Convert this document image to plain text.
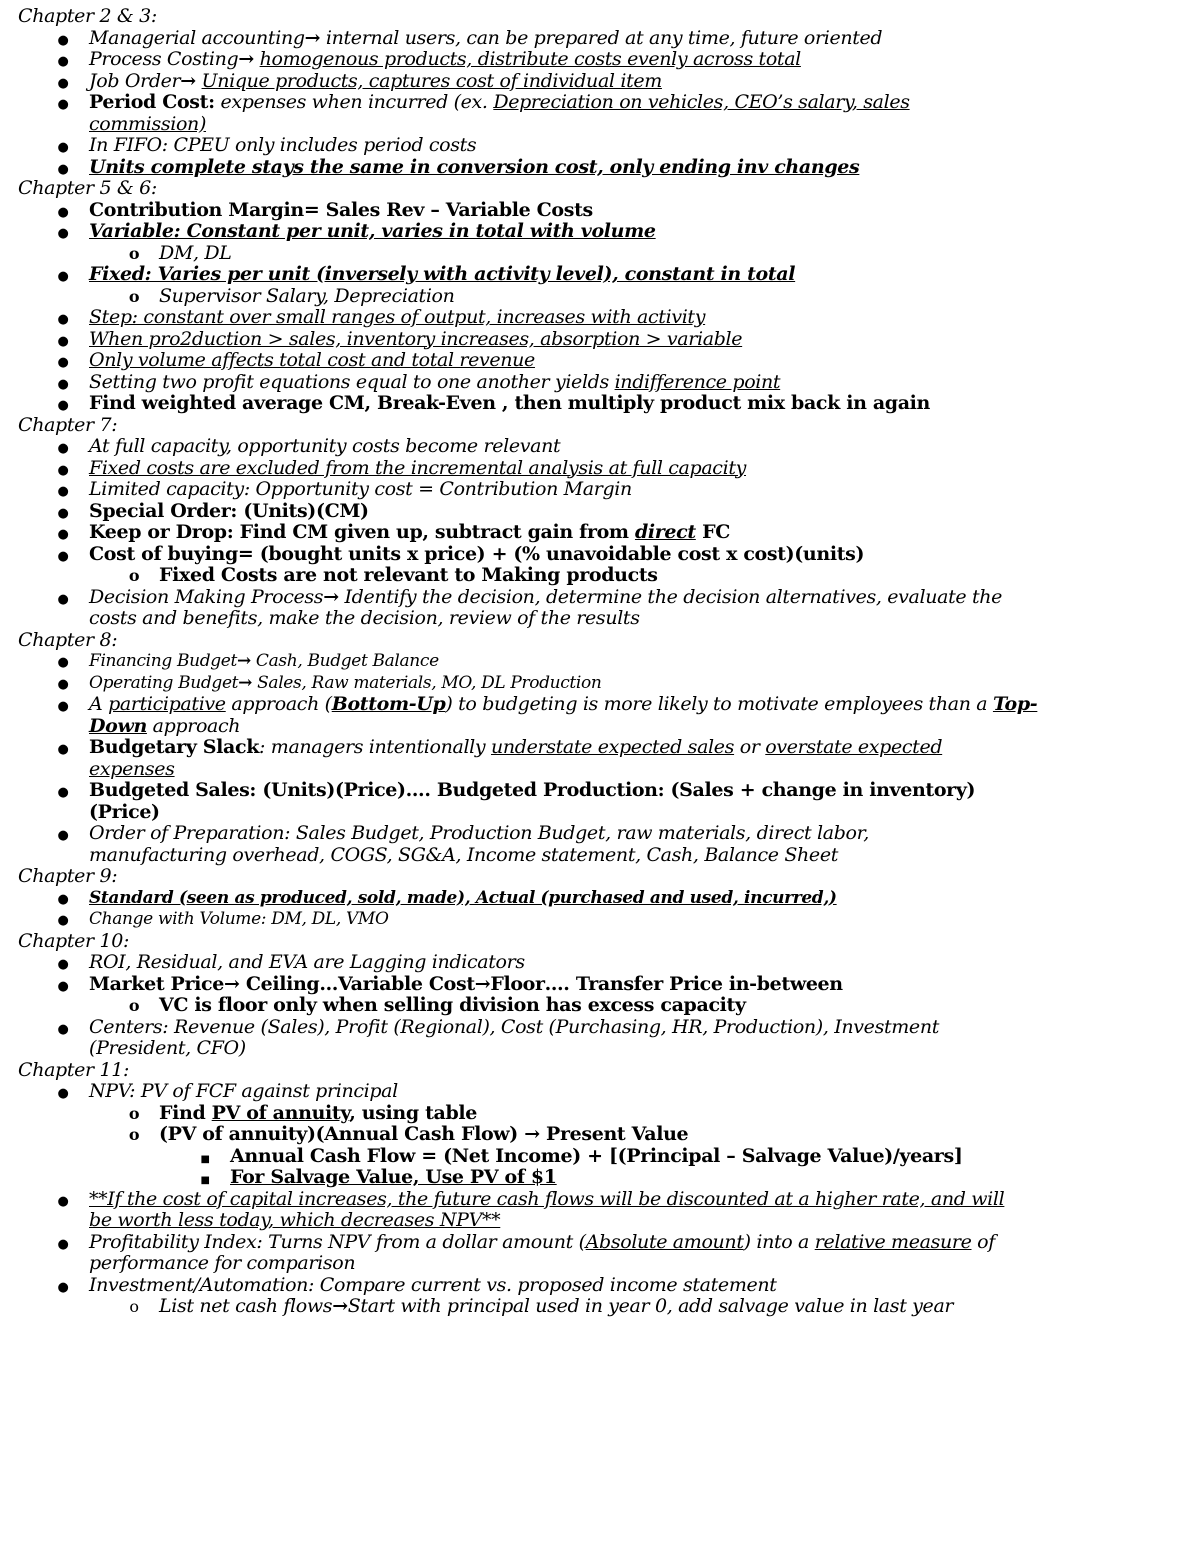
Chapter 2 & 3:
●
Managerial accounting→ internal users, can be prepared at any time, future oriented
●
Process Costing→ homogenous products, distribute costs evenly across total
●
Job Order→ Unique products, captures cost of individual item
●
Period Cost: expenses when incurred (ex. Depreciation on vehicles, CEO’s salary, sales commission)
●
In FIFO: CPEU only includes period costs
●
Units complete stays the same in conversion cost, only ending inv changes
Chapter 5 & 6:
●
Contribution Margin= Sales Rev – Variable Costs
●
Variable: Constant per unit, varies in total with volume
o
DM, DL
●
Fixed: Varies per unit (inversely with activity level), constant in total
o
Supervisor Salary, Depreciation
●
Step: constant over small ranges of output, increases with activity
●
When pro2duction > sales, inventory increases, absorption > variable
●
Only volume affects total cost and total revenue
●
Setting two profit equations equal to one another yields indifference point
●
Find weighted average CM, Break-Even , then multiply product mix back in again
Chapter 7:
●
At full capacity, opportunity costs become relevant
●
Fixed costs are excluded from the incremental analysis at full capacity
●
Limited capacity: Opportunity cost = Contribution Margin
●
Special Order: (Units)(CM)
●
Keep or Drop: Find CM given up, subtract gain from direct FC
●
Cost of buying= (bought units x price) + (% unavoidable cost x cost)(units)
o
Fixed Costs are not relevant to Making products
●
Decision Making Process→ Identify the decision, determine the decision alternatives, evaluate the costs and benefits, make the decision, review of the results
Chapter 8:
●
Financing Budget→ Cash, Budget Balance
●
Operating Budget→ Sales, Raw materials, MO, DL Production
●
A participative approach (Bottom-Up) to budgeting is more likely to motivate employees than a Top-Down approach
●
Budgetary Slack: managers intentionally understate expected sales or overstate expected expenses
●
Budgeted Sales: (Units)(Price)…. Budgeted Production: (Sales + change in inventory)(Price)
●
Order of Preparation: Sales Budget, Production Budget, raw materials, direct labor, manufacturing overhead, COGS, SG&A, Income statement, Cash, Balance Sheet
Chapter 9:
●
Standard (seen as produced, sold, made), Actual (purchased and used, incurred,)
●
Change with Volume: DM, DL, VMO
Chapter 10:
●
ROI, Residual, and EVA are Lagging indicators
●
Market Price→ Ceiling…Variable Cost→Floor…. Transfer Price in-between
o
VC is floor only when selling division has excess capacity
●
Centers: Revenue (Sales), Profit (Regional), Cost (Purchasing, HR, Production), Investment (President, CFO)
Chapter 11:
●
NPV: PV of FCF against principal
o
Find PV of annuity, using table
o
(PV of annuity)(Annual Cash Flow) → Present Value
■
Annual Cash Flow = (Net Income) + [(Principal – Salvage Value)/years]
■
For Salvage Value, Use PV of $1
●
**If the cost of capital increases, the future cash flows will be discounted at a higher rate, and will be worth less today, which decreases NPV**
●
Profitability Index: Turns NPV from a dollar amount (Absolute amount) into a relative measure of performance for comparison
●
Investment/Automation: Compare current vs. proposed income statement
o
List net cash flows→Start with principal used in year 0, add salvage value in last year
